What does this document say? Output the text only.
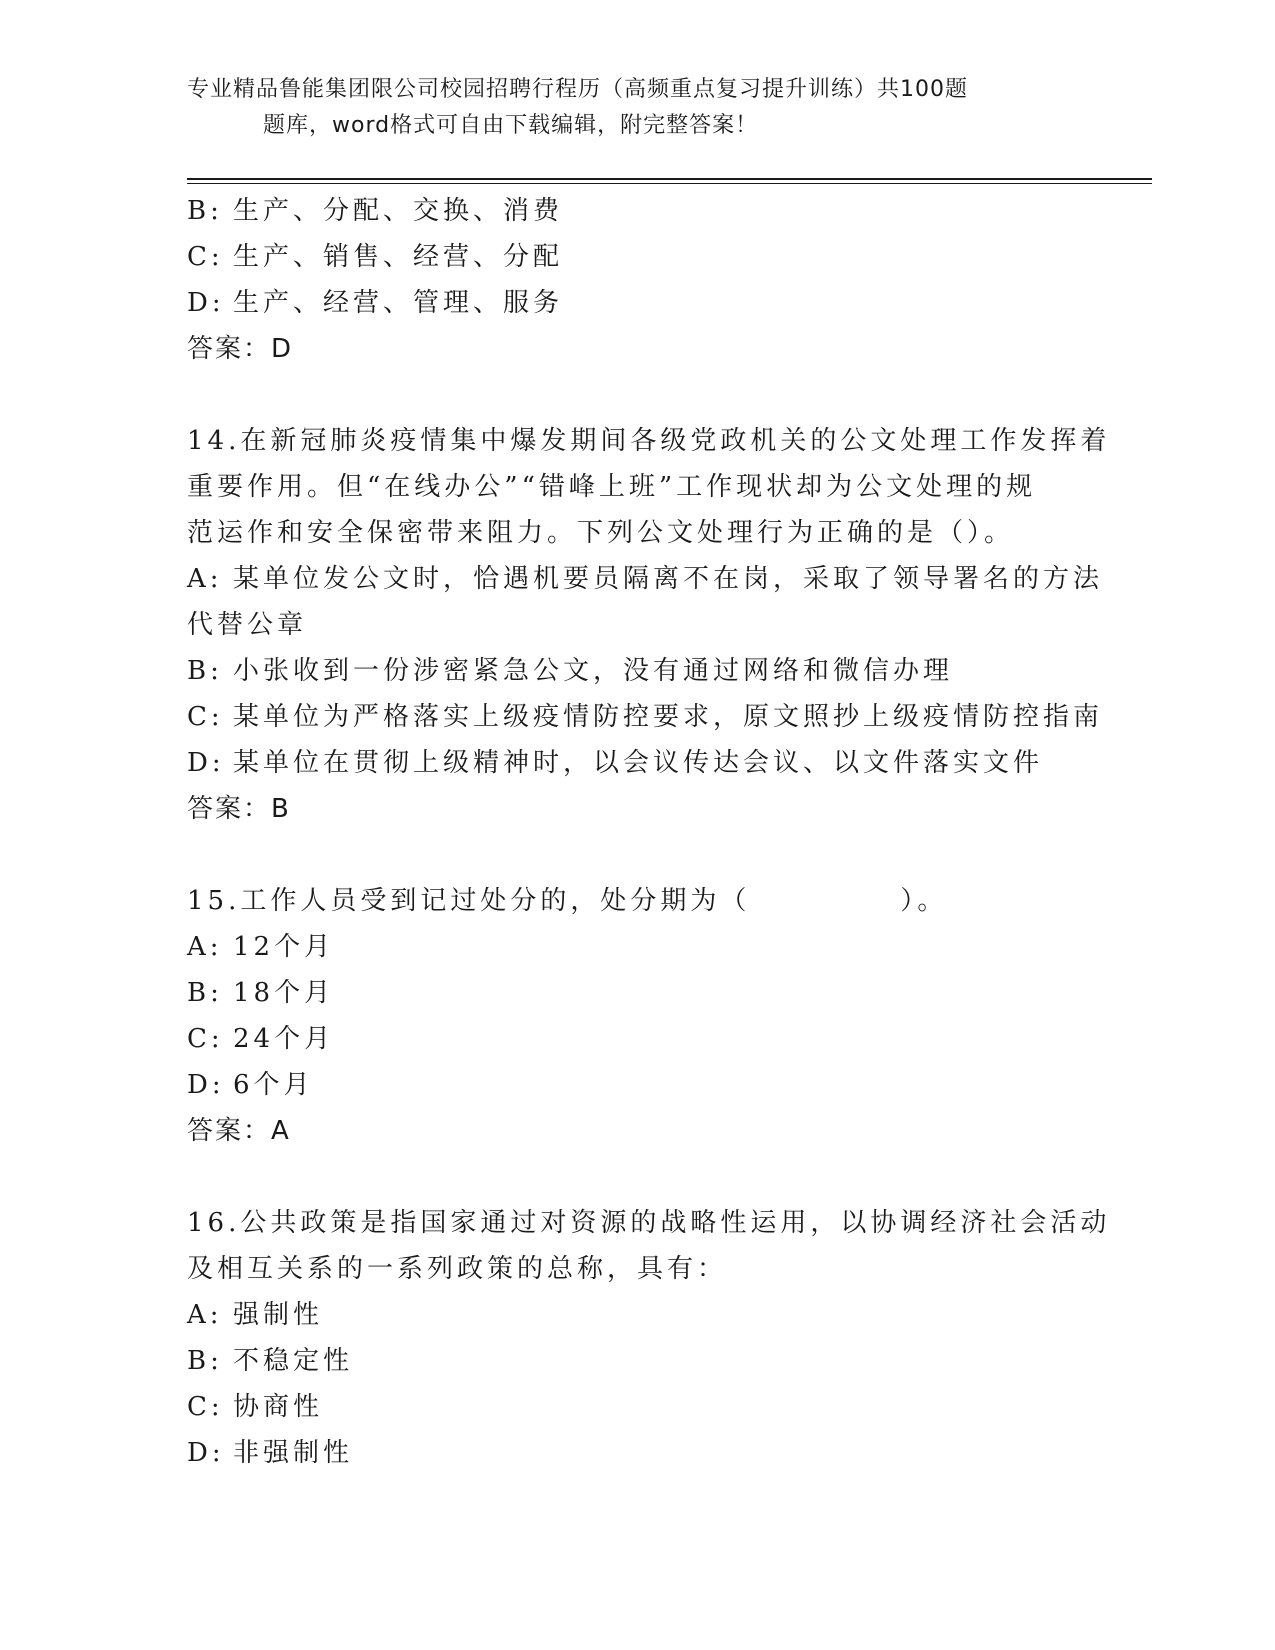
专业精品鲁能集团限公司校园招聘行程历（高频重点复习提升训练）共100题
题库，word格式可自由下载编辑，附完整答案！
B: 生产、分配、交换、消费
C: 生产、销售、经营、分配
D: 生产、经营、管理、服务
答案：D
14.在新冠肺炎疫情集中爆发期间各级党政机关的公文处理工作发挥着
重要作用。但“在线办公”“错峰上班”工作现状却为公文处理的规
范运作和安全保密带来阻力。下列公文处理行为正确的是（）。
A: 某单位发公文时，恰遇机要员隔离不在岗，采取了领导署名的方法
代替公章
B: 小张收到一份涉密紧急公文，没有通过网络和微信办理
C: 某单位为严格落实上级疫情防控要求，原文照抄上级疫情防控指南
D: 某单位在贯彻上级精神时，以会议传达会议、以文件落实文件
答案：B
15.工作人员受到记过处分的，处分期为（　　　　　）。
A: 12个月
B: 18个月
C: 24个月
D: 6个月
答案：A
16.公共政策是指国家通过对资源的战略性运用，以协调经济社会活动
及相互关系的一系列政策的总称，具有：
A: 强制性
B: 不稳定性
C: 协商性
D: 非强制性
